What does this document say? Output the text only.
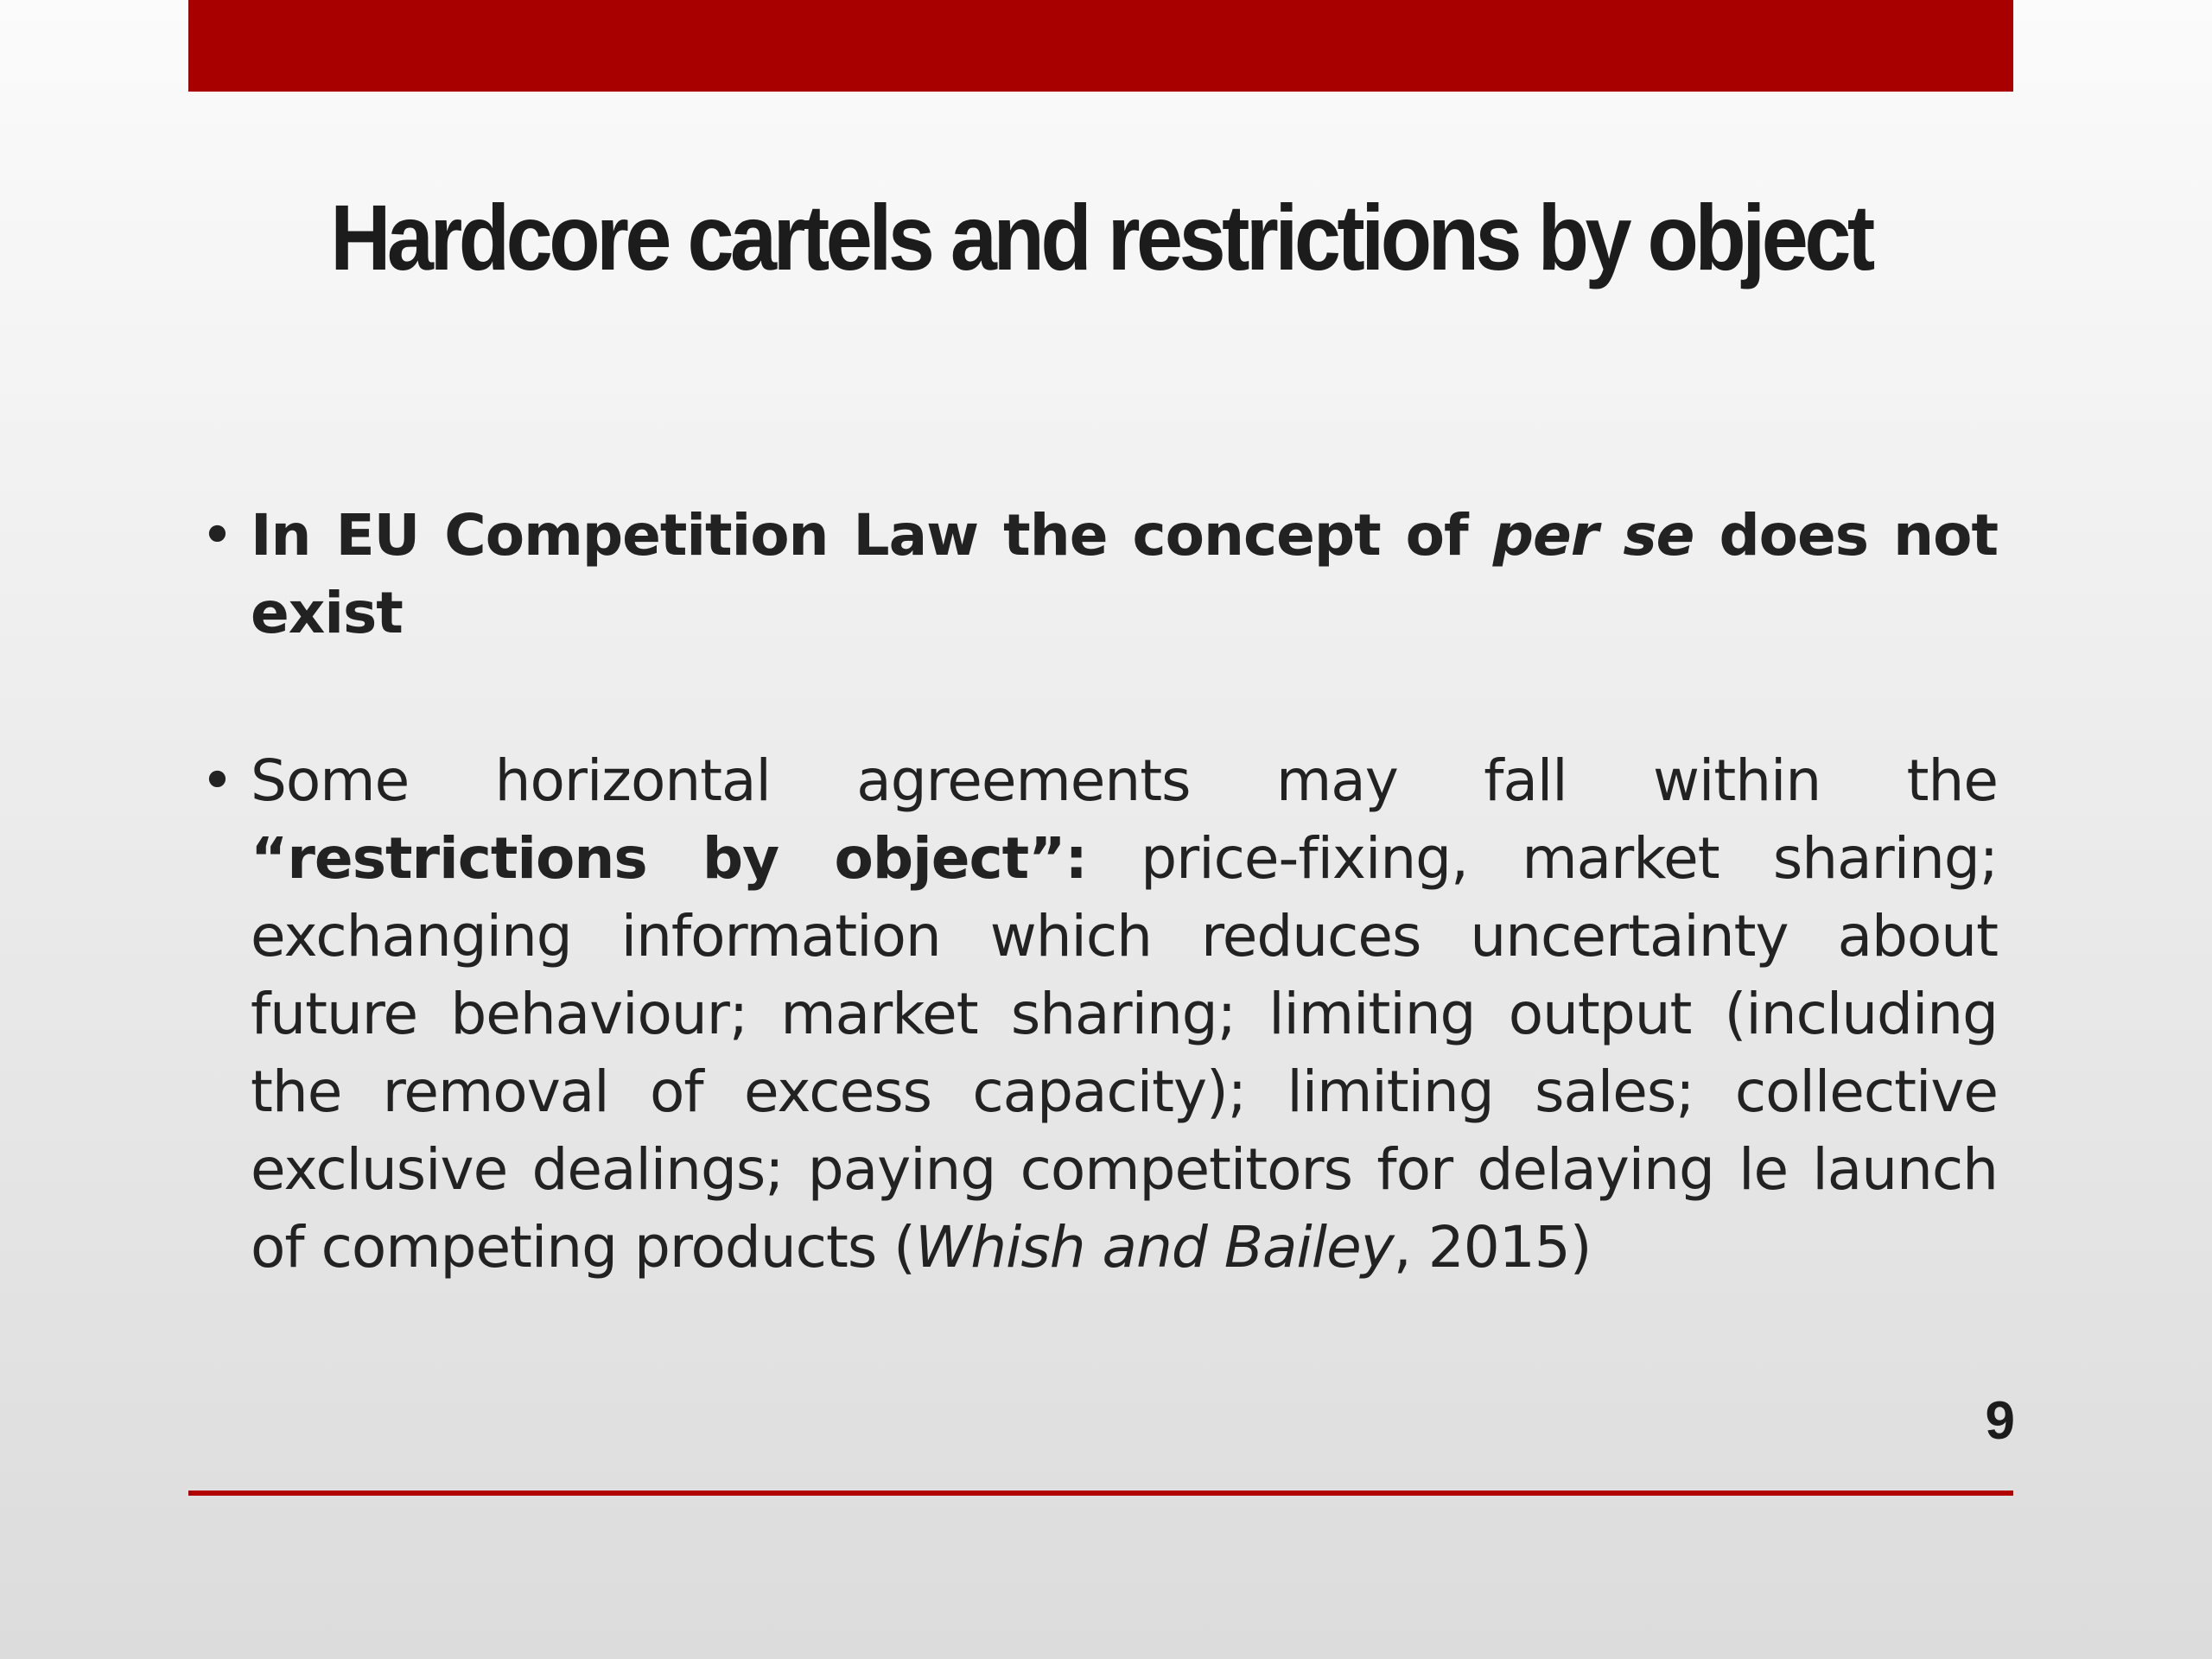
Hardcore cartels and restrictions by object
• In EU Competition Law the concept of per se does not exist
• Some horizontal agreements may fall within the “restrictions by object”: price-fixing, market sharing; exchanging information which reduces uncertainty about future behaviour; market sharing; limiting output (including the removal of excess capacity); limiting sales; collective exclusive dealings; paying competitors for delaying le launch of competing products (Whish and Bailey, 2015)
9
